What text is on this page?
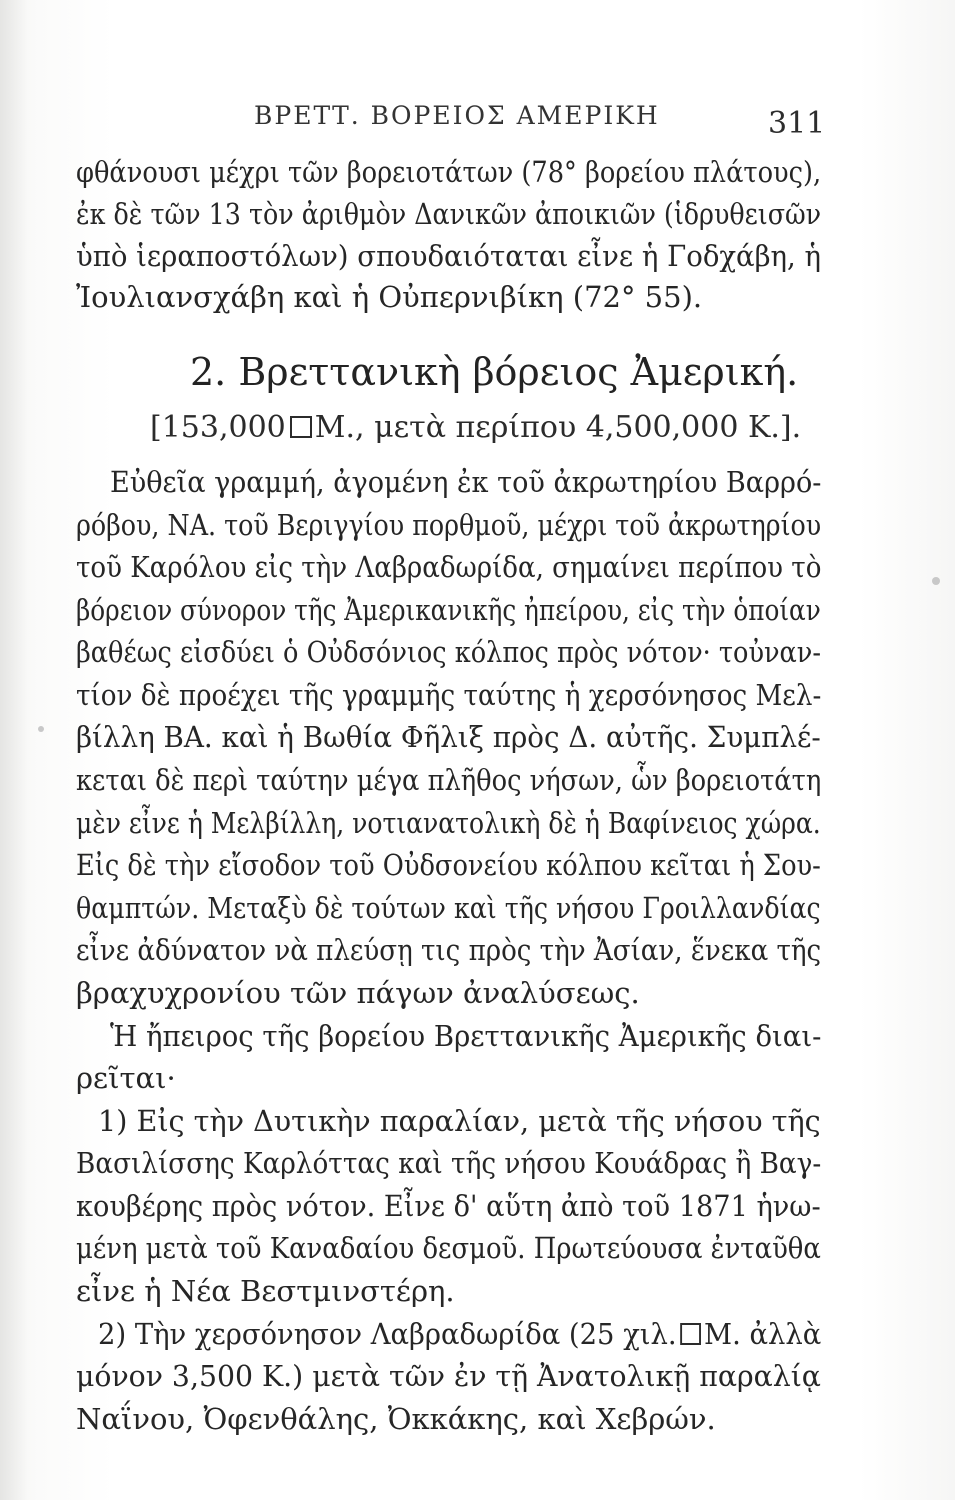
ΒΡΕΤΤ. ΒΟΡΕΙΟΣ ΑΜΕΡΙΚΗ	311
φθάνουσι μέχρι τῶν βορειοτάτων (78° βορείου πλάτους),
ἐκ δὲ τῶν 13 τὸν ἀριθμὸν Δανικῶν ἀποικιῶν (ἱδρυθεισῶν
ὑπὸ ἱεραποστόλων) σπουδαιόταται εἶνε ἡ Γοδχάβη, ἡ
Ἰουλιανσχάβη καὶ ἡ Οὐπερνιβίκη (72° 55).
2. Βρεττανικὴ βόρειος Ἀμερική.
[153,000 Μ., μετὰ περίπου 4,500,000 Κ.].
Εὐθεῖα γραμμή, ἀγομένη ἐκ τοῦ ἀκρωτηρίου Βαρρό-
ρόβου, ΝΑ. τοῦ Βεριγγίου πορθμοῦ, μέχρι τοῦ ἀκρωτηρίου
τοῦ Καρόλου εἰς τὴν Λαβραδωρίδα, σημαίνει περίπου τὸ
βόρειον σύνορον τῆς Ἀμερικανικῆς ἠπείρου, εἰς τὴν ὁποίαν
βαθέως εἰσδύει ὁ Οὐδσόνιος κόλπος πρὸς νότον· τοὐναν-
τίον δὲ προέχει τῆς γραμμῆς ταύτης ἡ χερσόνησος Μελ-
βίλλη ΒΑ. καὶ ἡ Βωθία Φῆλιξ πρὸς Δ. αὐτῆς. Συμπλέ-
κεται δὲ περὶ ταύτην μέγα πλῆθος νήσων, ὧν βορειοτάτη
μὲν εἶνε ἡ Μελβίλλη, νοτιανατολικὴ δὲ ἡ Βαφίνειος χώρα.
Εἰς δὲ τὴν εἴσοδον τοῦ Οὐδσονείου κόλπου κεῖται ἡ Σου-
θαμπτών. Μεταξὺ δὲ τούτων καὶ τῆς νήσου Γροιλλανδίας
εἶνε ἀδύνατον νὰ πλεύσῃ τις πρὸς τὴν Ἀσίαν, ἕνεκα τῆς
βραχυχρονίου τῶν πάγων ἀναλύσεως.
Ἡ ἤπειρος τῆς βορείου Βρεττανικῆς Ἀμερικῆς διαι-
ρεῖται·
1) Εἰς τὴν Δυτικὴν παραλίαν, μετὰ τῆς νήσου τῆς
Βασιλίσσης Καρλόττας καὶ τῆς νήσου Κουάδρας ἢ Βαγ-
κουβέρης πρὸς νότον. Εἶνε δ' αὕτη ἀπὸ τοῦ 1871 ἡνω-
μένη μετὰ τοῦ Καναδαίου δεσμοῦ. Πρωτεύουσα ἐνταῦθα
εἶνε ἡ Νέα Βεστμινστέρη.
2) Τὴν χερσόνησον Λαβραδωρίδα (25 χιλ. Μ. ἀλλὰ
μόνον 3,500 Κ.) μετὰ τῶν ἐν τῇ Ἀνατολικῇ παραλίᾳ
Ναΐνου, Ὀφενθάλης, Ὀκκάκης, καὶ Χεβρών.
